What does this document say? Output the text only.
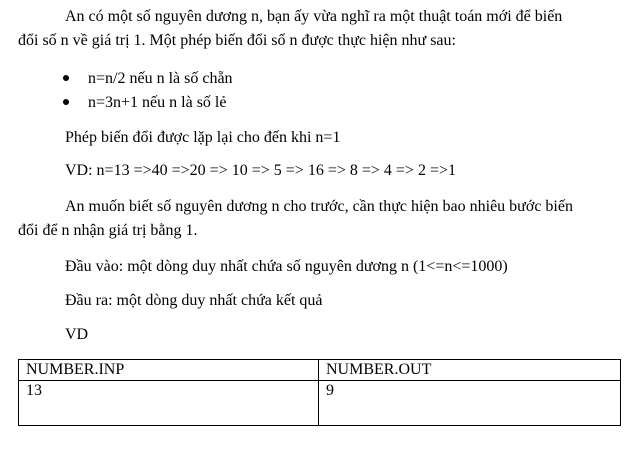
An có một số nguyên dương n, bạn ấy vừa nghĩ ra một thuật toán mới để biến

đổi số n về giá trị 1. Một phép biến đổi số n được thực hiện như sau:

n=n/2 nếu n là số chẵn
n=3n+1 nếu n là số lẻ

Phép biến đổi được lặp lại cho đến khi n=1

VD: n=13 =>40 =>20 => 10 => 5 => 16 => 8 => 4 => 2 =>1

An muốn biết số nguyên dương n cho trước, cần thực hiện bao nhiêu bước biến

đổi để n nhận giá trị bằng 1.

Đầu vào: một dòng duy nhất chứa số nguyên dương n (1<=n<=1000)

Đầu ra: một dòng duy nhất chứa kết quả

VD

NUMBER.INP	NUMBER.OUT
13	9
